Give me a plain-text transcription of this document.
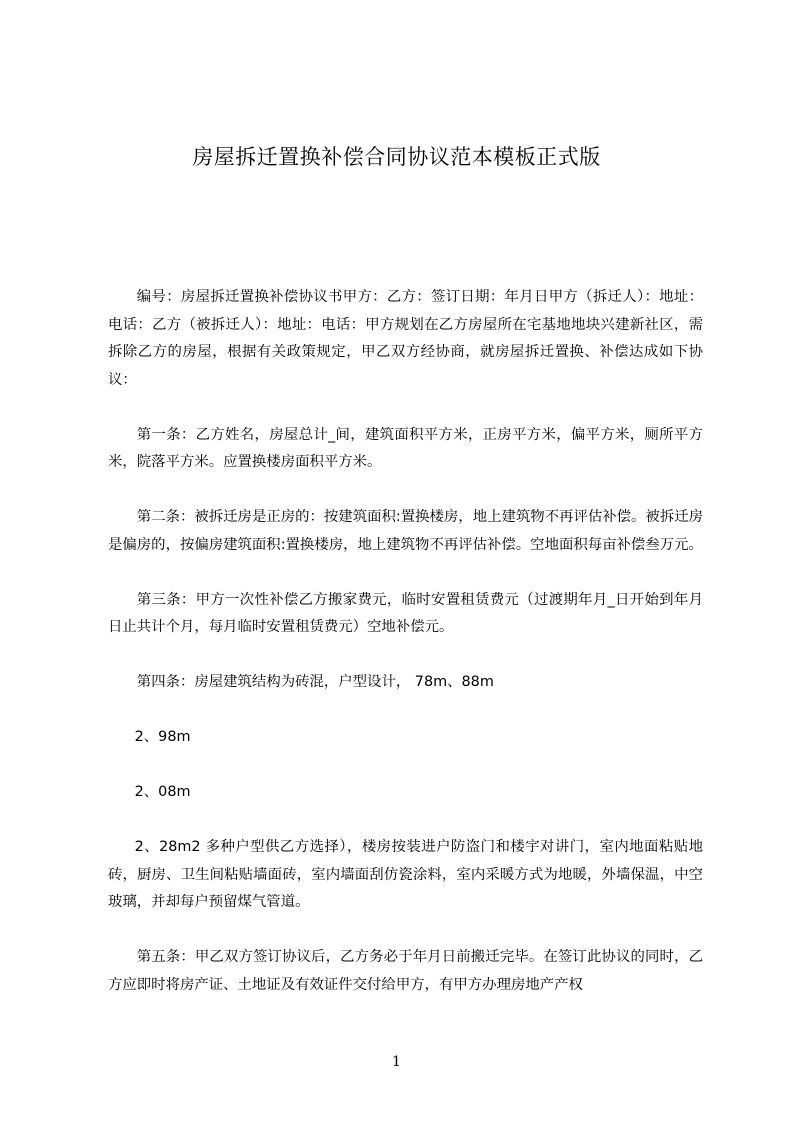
房屋拆迁置换补偿合同协议范本模板正式版

编号：房屋拆迁置换补偿协议书甲方：乙方：签订日期：年月日甲方（拆迁人）：地址：电话：乙方（被拆迁人）：地址：电话：甲方规划在乙方房屋所在宅基地地块兴建新社区，需拆除乙方的房屋，根据有关政策规定，甲乙双方经协商，就房屋拆迁置换、补偿达成如下协议：

第一条：乙方姓名，房屋总计_间，建筑面积平方米，正房平方米，偏平方米，厕所平方米，院落平方米。应置换楼房面积平方米。

第二条：被拆迁房是正房的：按建筑面积:置换楼房，地上建筑物不再评估补偿。被拆迁房是偏房的，按偏房建筑面积:置换楼房，地上建筑物不再评估补偿。空地面积每亩补偿叁万元。

第三条：甲方一次性补偿乙方搬家费元，临时安置租赁费元（过渡期年月_日开始到年月日止共计个月，每月临时安置租赁费元）空地补偿元。

第四条：房屋建筑结构为砖混，户型设计， 78m、88m

2、98m

2、08m

2、28m2 多种户型供乙方选择），楼房按装进户防盗门和楼宇对讲门，室内地面粘贴地砖，厨房、卫生间粘贴墙面砖，室内墙面刮仿瓷涂料，室内采暖方式为地暖，外墙保温，中空玻璃，并却每户预留煤气管道。

第五条：甲乙双方签订协议后，乙方务必于年月日前搬迁完毕。在签订此协议的同时，乙方应即时将房产证、土地证及有效证件交付给甲方，有甲方办理房地产产权

1
